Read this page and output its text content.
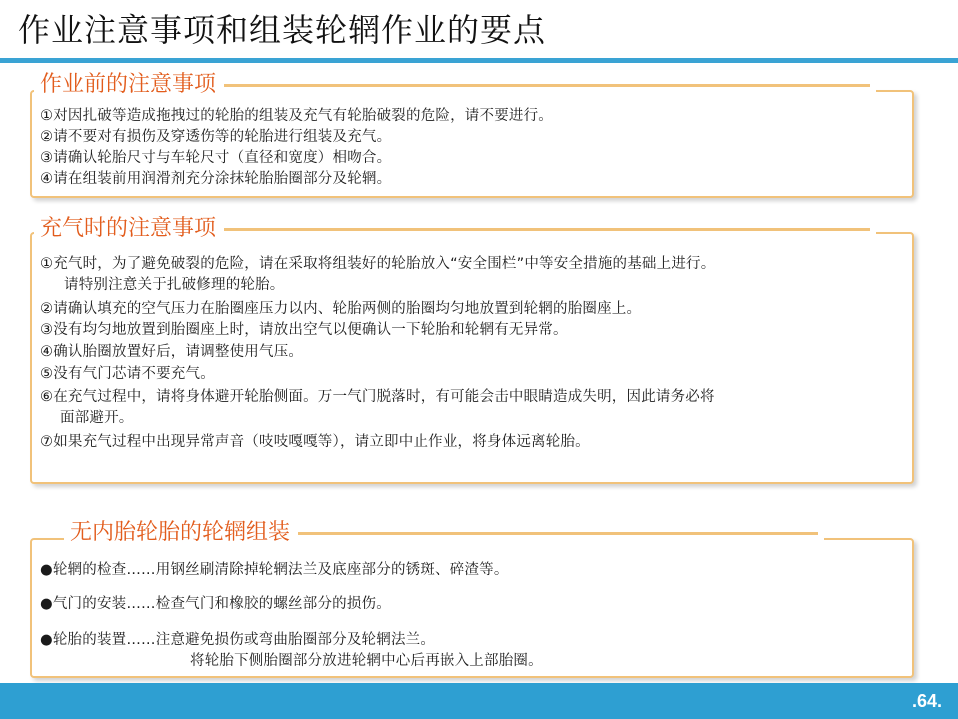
作业注意事项和组装轮辋作业的要点
作业前的注意事项
①对因扎破等造成拖拽过的轮胎的组装及充气有轮胎破裂的危险，请不要进行。
②请不要对有损伤及穿透伤等的轮胎进行组装及充气。
③请确认轮胎尺寸与车轮尺寸（直径和宽度）相吻合。
④请在组装前用润滑剂充分涂抹轮胎胎圈部分及轮辋。
充气时的注意事项
①充气时，为了避免破裂的危险，请在采取将组装好的轮胎放入“安全围栏”中等安全措施的基础上进行。
请特别注意关于扎破修理的轮胎。
②请确认填充的空气压力在胎圈座压力以内、轮胎两侧的胎圈均匀地放置到轮辋的胎圈座上。
③没有均匀地放置到胎圈座上时，请放出空气以便确认一下轮胎和轮辋有无异常。
④确认胎圈放置好后，请调整使用气压。
⑤没有气门芯请不要充气。
⑥在充气过程中，请将身体避开轮胎侧面。万一气门脱落时，有可能会击中眼睛造成失明，因此请务必将
面部避开。
⑦如果充气过程中出现异常声音（吱吱嘎嘎等），请立即中止作业，将身体远离轮胎。
无内胎轮胎的轮辋组装
●轮辋的检查……用钢丝刷清除掉轮辋法兰及底座部分的锈斑、碎渣等。
●气门的安装……检查气门和橡胶的螺丝部分的损伤。
●轮胎的装置……注意避免损伤或弯曲胎圈部分及轮辋法兰。
将轮胎下侧胎圈部分放进轮辋中心后再嵌入上部胎圈。
.64.
